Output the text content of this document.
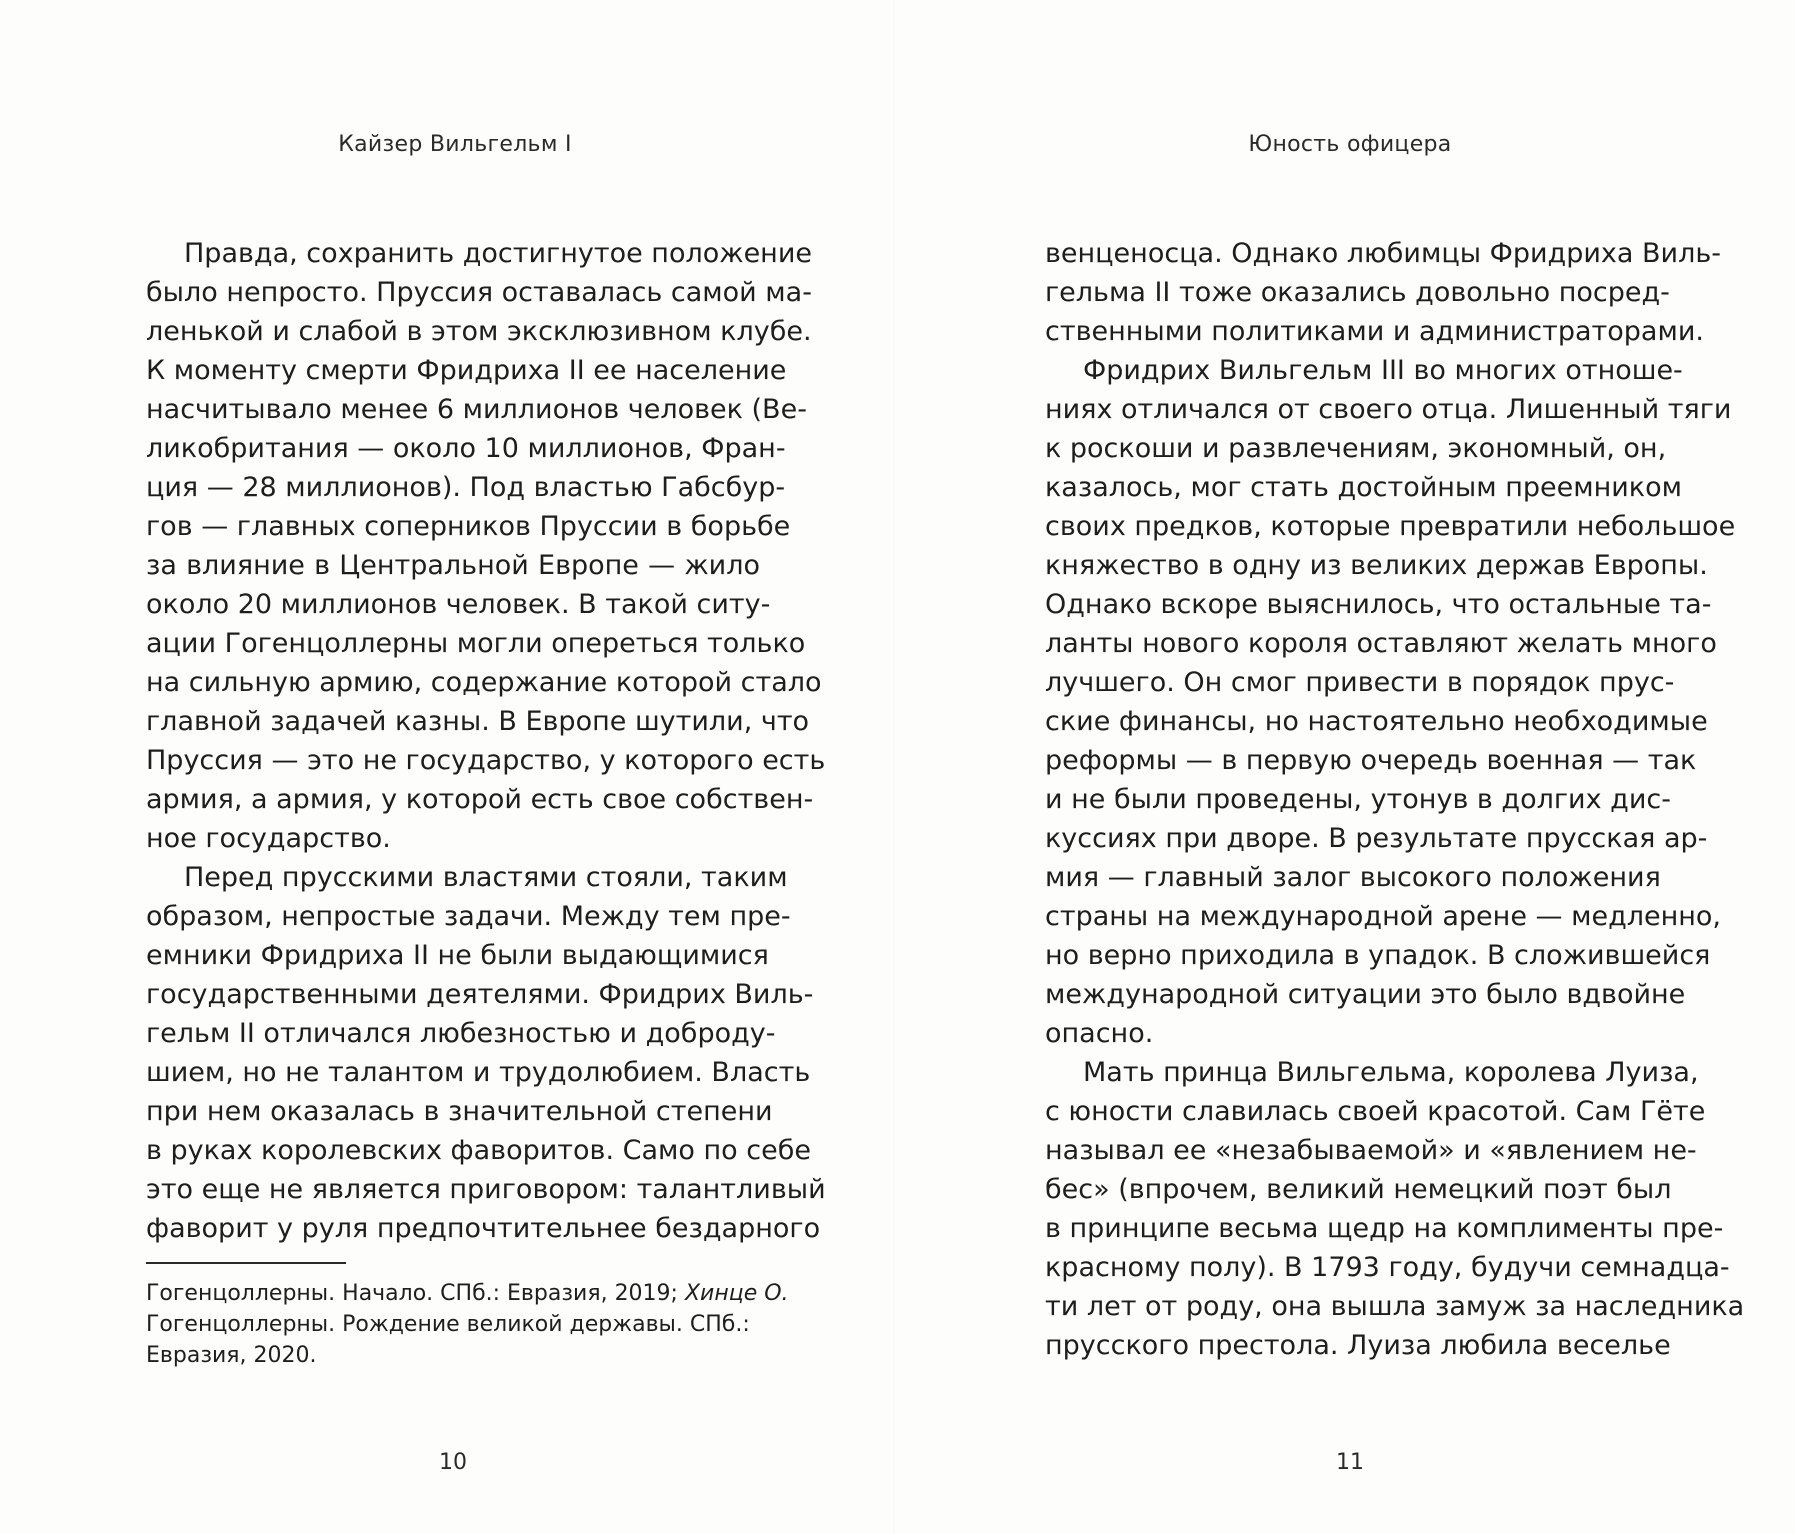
Кайзер Вильгельм I
Правда, сохранить достигнутое положение
было непросто. Пруссия оставалась самой ма-
ленькой и слабой в этом эксклюзивном клубе.
К моменту смерти Фридриха II ее население
насчитывало менее 6 миллионов человек (Ве-
ликобритания — около 10 миллионов, Фран-
ция — 28 миллионов). Под властью Габсбур-
гов — главных соперников Пруссии в борьбе
за влияние в Центральной Европе — жило
около 20 миллионов человек. В такой ситу-
ации Гогенцоллерны могли опереться только
на сильную армию, содержание которой стало
главной задачей казны. В Европе шутили, что
Пруссия — это не государство, у которого есть
армия, а армия, у которой есть свое собствен-
ное государство.
Перед прусскими властями стояли, таким
образом, непростые задачи. Между тем пре-
емники Фридриха II не были выдающимися
государственными деятелями. Фридрих Виль-
гельм II отличался любезностью и доброду-
шием, но не талантом и трудолюбием. Власть
при нем оказалась в значительной степени
в руках королевских фаворитов. Само по себе
это еще не является приговором: талантливый
фаворит у руля предпочтительнее бездарного
Гогенцоллерны. Начало. СПб.: Евразия, 2019; Хинце О.
Гогенцоллерны. Рождение великой державы. СПб.:
Евразия, 2020.
10
Юность офицера
венценосца. Однако любимцы Фридриха Виль-
гельма II тоже оказались довольно посред-
ственными политиками и администраторами.
Фридрих Вильгельм III во многих отноше-
ниях отличался от своего отца. Лишенный тяги
к роскоши и развлечениям, экономный, он,
казалось, мог стать достойным преемником
своих предков, которые превратили небольшое
княжество в одну из великих держав Европы.
Однако вскоре выяснилось, что остальные та-
ланты нового короля оставляют желать много
лучшего. Он смог привести в порядок прус-
ские финансы, но настоятельно необходимые
реформы — в первую очередь военная — так
и не были проведены, утонув в долгих дис-
куссиях при дворе. В результате прусская ар-
мия — главный залог высокого положения
страны на международной арене — медленно,
но верно приходила в упадок. В сложившейся
международной ситуации это было вдвойне
опасно.
Мать принца Вильгельма, королева Луиза,
с юности славилась своей красотой. Сам Гёте
называл ее «незабываемой» и «явлением не-
бес» (впрочем, великий немецкий поэт был
в принципе весьма щедр на комплименты пре-
красному полу). В 1793 году, будучи семнадца-
ти лет от роду, она вышла замуж за наследника
прусского престола. Луиза любила веселье
11
